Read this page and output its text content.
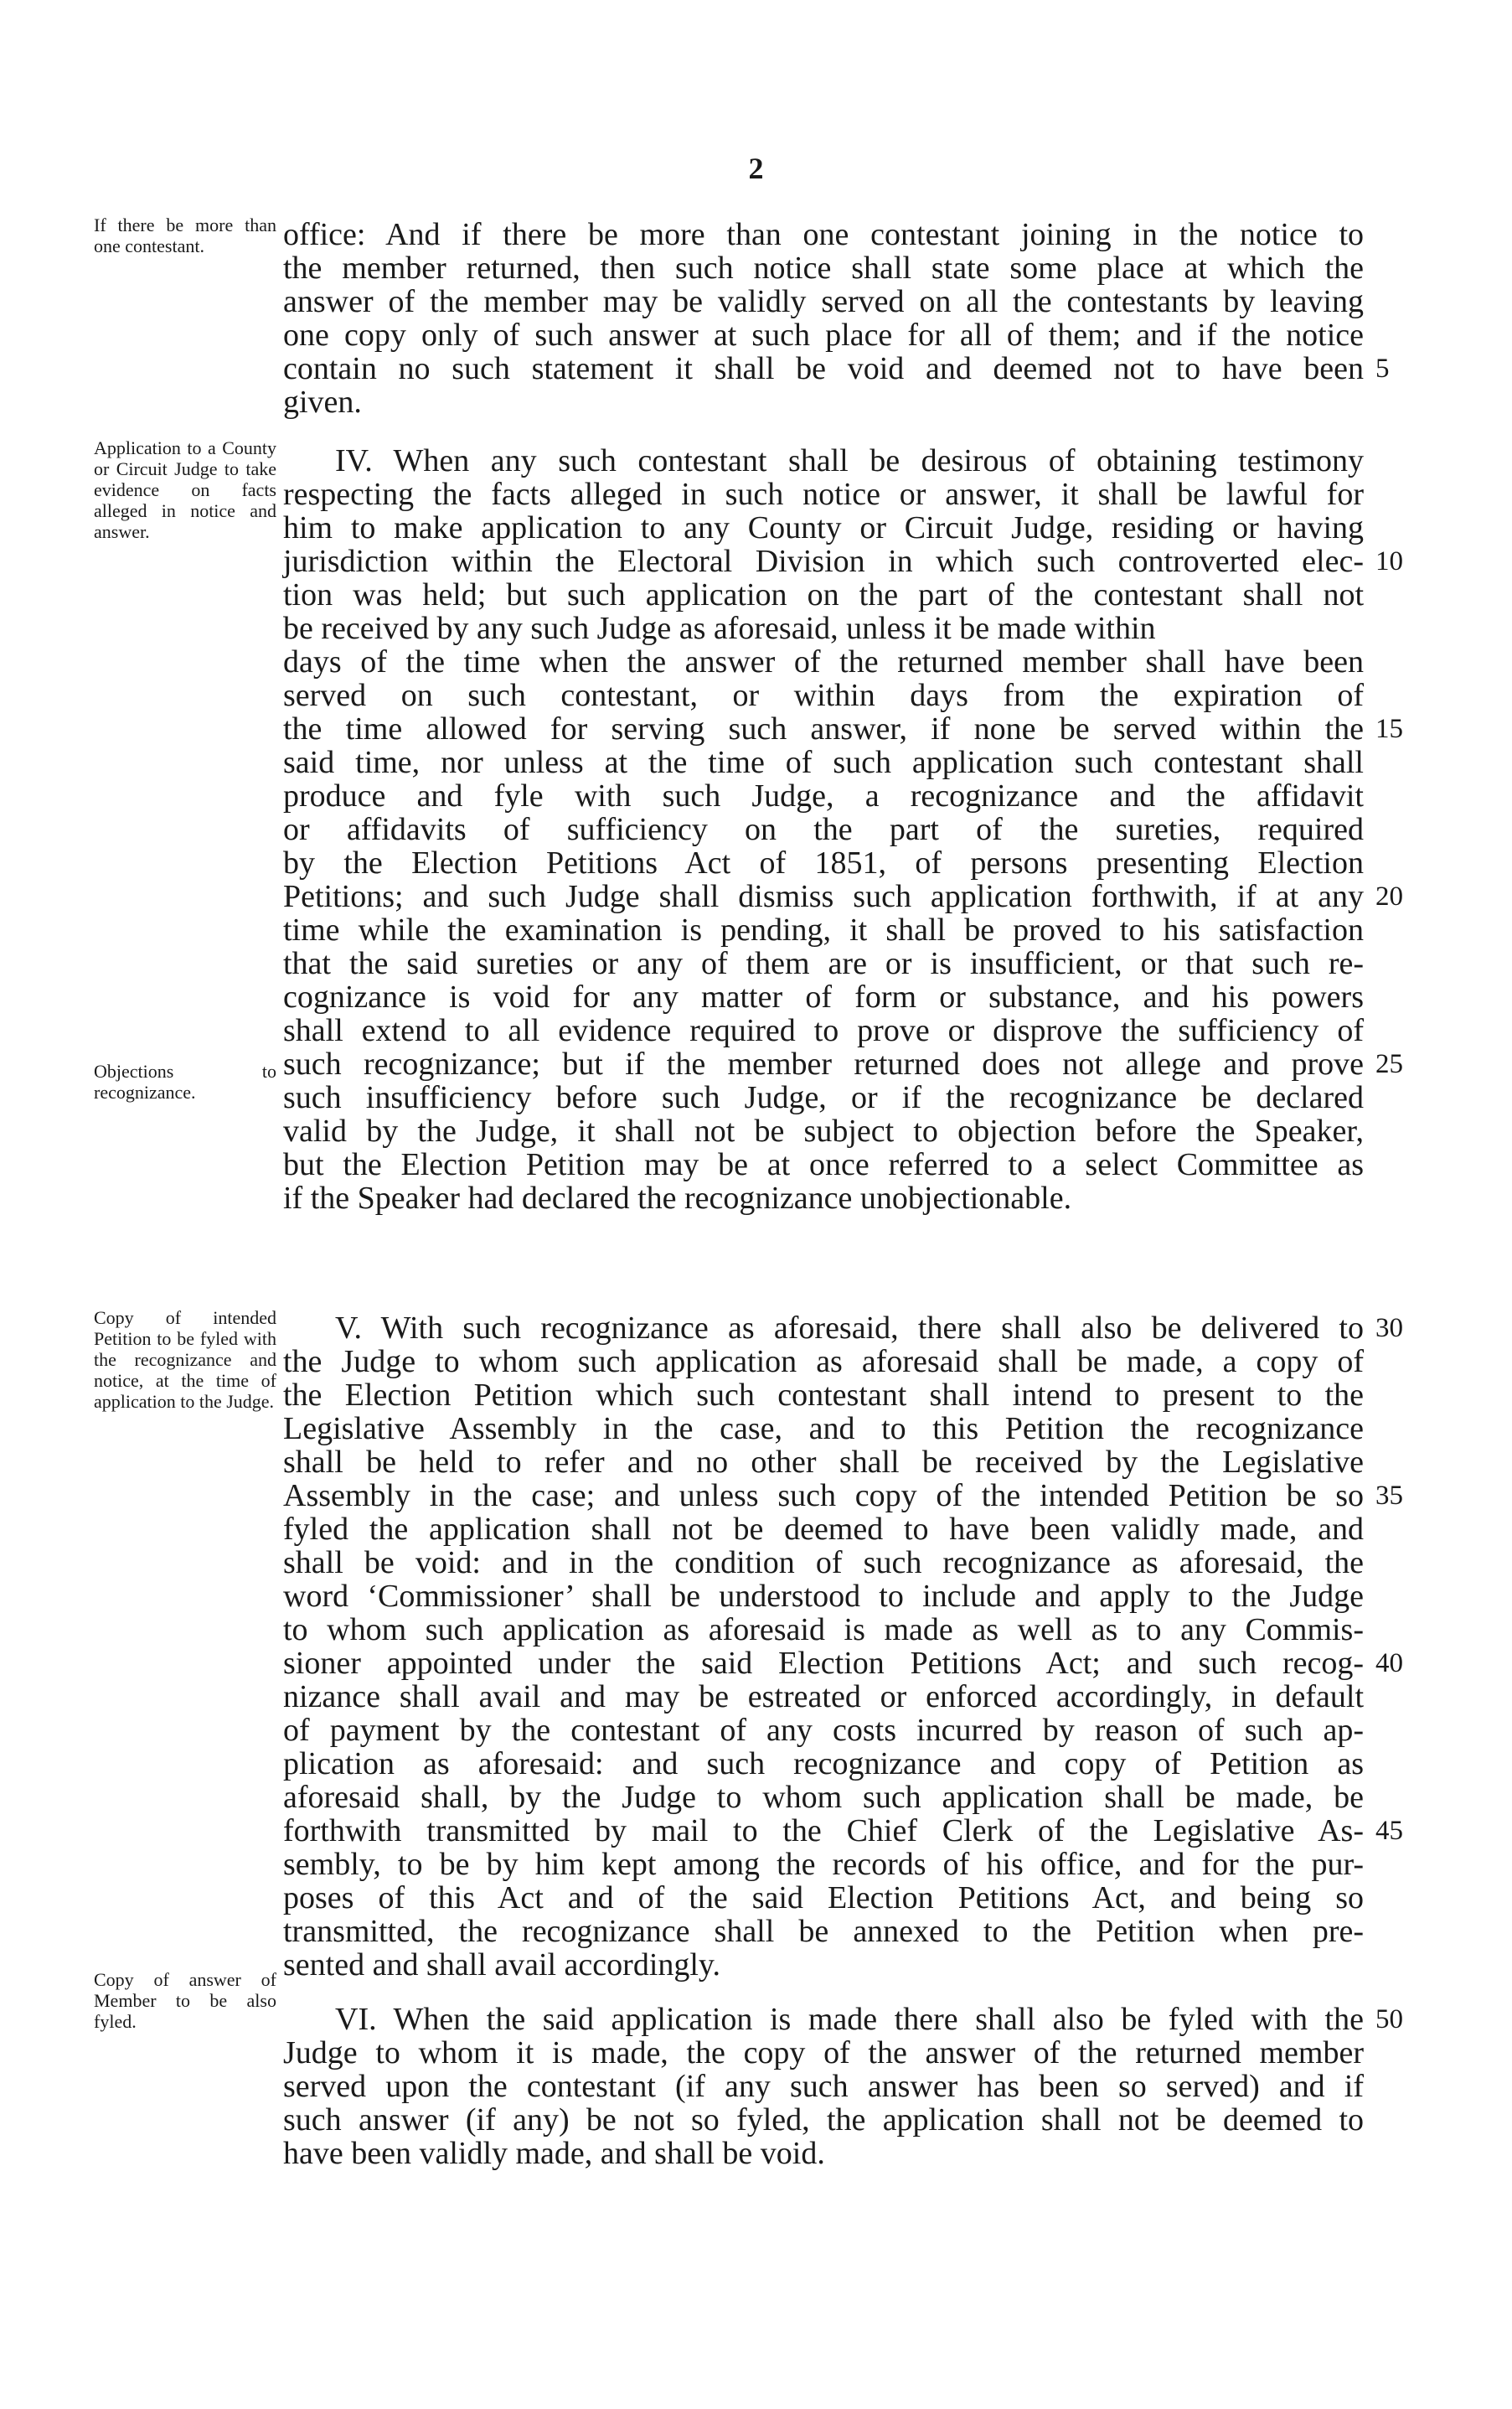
2
If there be more than one contestant.
Application to a County or Circuit Judge to take evidence on facts alleged in notice and answer.
Objections to recognizance.
Copy of intended Petition to be fyled with the recognizance and notice, at the time of application to the Judge.
Copy of answer of Member to be also fyled.
office: And if there be more than one contestant joining in the notice to
the member returned, then such notice shall state some place at which the
answer of the member may be validly served on all the contestants by leaving
one copy only of such answer at such place for all of them; and if the notice
contain no such statement it shall be void and deemed not to have been
given.
IV. When any such contestant shall be desirous of obtaining testimony
respecting the facts alleged in such notice or answer, it shall be lawful for
him to make application to any County or Circuit Judge, residing or having
jurisdiction within the Electoral Division in which such controverted elec-
tion was held; but such application on the part of the contestant shall not
be received by any such Judge as aforesaid, unless it be made within
days of the time when the answer of the returned member shall have been
served on such contestant, or within days from the expiration of
the time allowed for serving such answer, if none be served within the
said time, nor unless at the time of such application such contestant shall
produce and fyle with such Judge, a recognizance and the affidavit
or affidavits of sufficiency on the part of the sureties, required
by the Election Petitions Act of 1851, of persons presenting Election
Petitions; and such Judge shall dismiss such application forthwith, if at any
time while the examination is pending, it shall be proved to his satisfaction
that the said sureties or any of them are or is insufficient, or that such re-
cognizance is void for any matter of form or substance, and his powers
shall extend to all evidence required to prove or disprove the sufficiency of
such recognizance; but if the member returned does not allege and prove
such insufficiency before such Judge, or if the recognizance be declared
valid by the Judge, it shall not be subject to objection before the Speaker,
but the Election Petition may be at once referred to a select Committee as
if the Speaker had declared the recognizance unobjectionable.
V. With such recognizance as aforesaid, there shall also be delivered to
the Judge to whom such application as aforesaid shall be made, a copy of
the Election Petition which such contestant shall intend to present to the
Legislative Assembly in the case, and to this Petition the recognizance
shall be held to refer and no other shall be received by the Legislative
Assembly in the case; and unless such copy of the intended Petition be so
fyled the application shall not be deemed to have been validly made, and
shall be void: and in the condition of such recognizance as aforesaid, the
word ‘Commissioner’ shall be understood to include and apply to the Judge
to whom such application as aforesaid is made as well as to any Commis-
sioner appointed under the said Election Petitions Act; and such recog-
nizance shall avail and may be estreated or enforced accordingly, in default
of payment by the contestant of any costs incurred by reason of such ap-
plication as aforesaid: and such recognizance and copy of Petition as
aforesaid shall, by the Judge to whom such application shall be made, be
forthwith transmitted by mail to the Chief Clerk of the Legislative As-
sembly, to be by him kept among the records of his office, and for the pur-
poses of this Act and of the said Election Petitions Act, and being so
transmitted, the recognizance shall be annexed to the Petition when pre-
sented and shall avail accordingly.
VI. When the said application is made there shall also be fyled with the
Judge to whom it is made, the copy of the answer of the returned member
served upon the contestant (if any such answer has been so served) and if
such answer (if any) be not so fyled, the application shall not be deemed to
have been validly made, and shall be void.
5
10
15
20
25
30
35
40
45
50
